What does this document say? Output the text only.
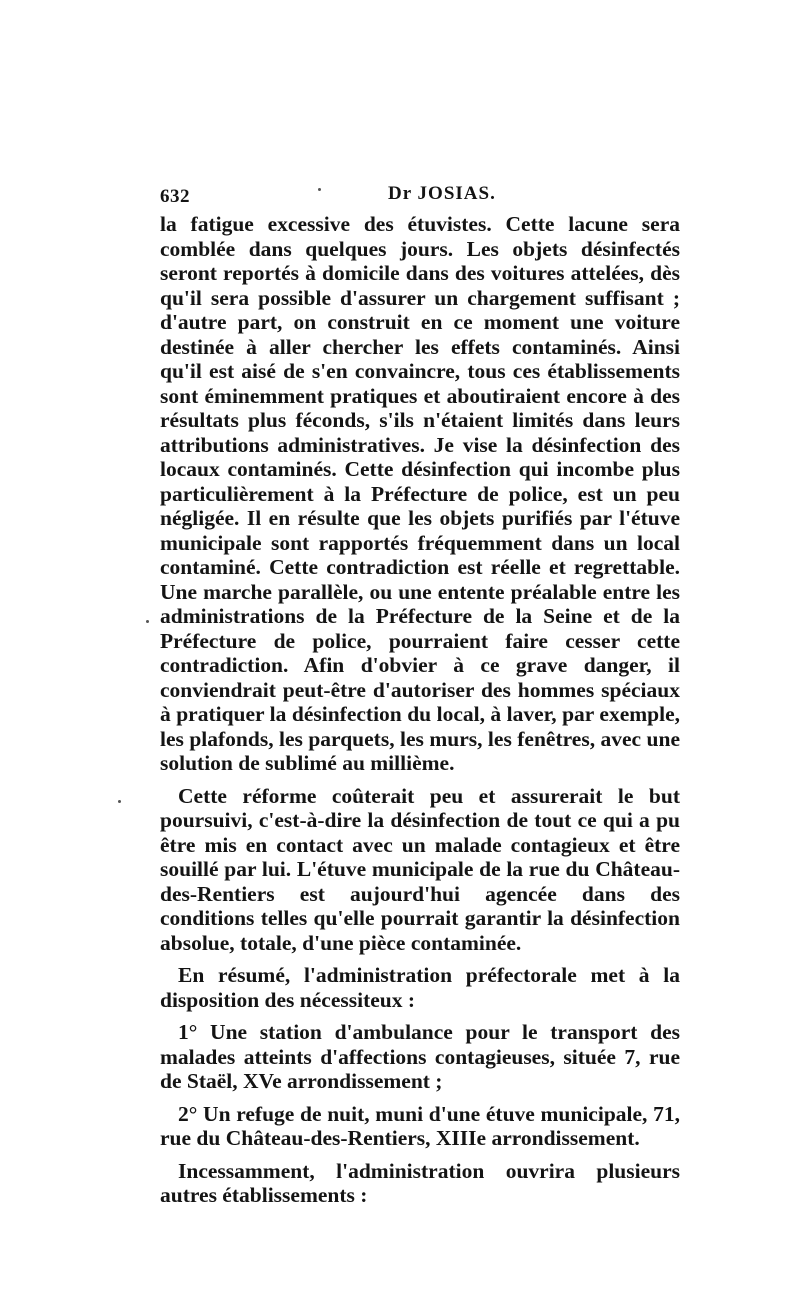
632	Dr JOSIAS.

la fatigue excessive des étuvistes. Cette lacune sera comblée dans quelques jours. Les objets désinfectés seront reportés à domicile dans des voitures attelées, dès qu'il sera possible d'assurer un chargement suffisant ; d'autre part, on construit en ce moment une voiture destinée à aller chercher les effets contaminés. Ainsi qu'il est aisé de s'en convaincre, tous ces établissements sont éminemment pratiques et aboutiraient encore à des résultats plus féconds, s'ils n'étaient limités dans leurs attributions administratives. Je vise la désinfection des locaux contaminés. Cette désinfection qui incombe plus particulièrement à la Préfecture de police, est un peu négligée. Il en résulte que les objets purifiés par l'étuve municipale sont rapportés fréquemment dans un local contaminé. Cette contradiction est réelle et regrettable. Une marche parallèle, ou une entente préalable entre les administrations de la Préfecture de la Seine et de la Préfecture de police, pourraient faire cesser cette contradiction. Afin d'obvier à ce grave danger, il conviendrait peut-être d'autoriser des hommes spéciaux à pratiquer la désinfection du local, à laver, par exemple, les plafonds, les parquets, les murs, les fenêtres, avec une solution de sublimé au millième.

Cette réforme coûterait peu et assurerait le but poursuivi, c'est-à-dire la désinfection de tout ce qui a pu être mis en contact avec un malade contagieux et être souillé par lui. L'étuve municipale de la rue du Château-des-Rentiers est aujourd'hui agencée dans des conditions telles qu'elle pourrait garantir la désinfection absolue, totale, d'une pièce contaminée.

En résumé, l'administration préfectorale met à la disposition des nécessiteux :

1° Une station d'ambulance pour le transport des malades atteints d'affections contagieuses, située 7, rue de Staël, XVe arrondissement ;

2° Un refuge de nuit, muni d'une étuve municipale, 71, rue du Château-des-Rentiers, XIIIe arrondissement.

Incessamment, l'administration ouvrira plusieurs autres établissements :
